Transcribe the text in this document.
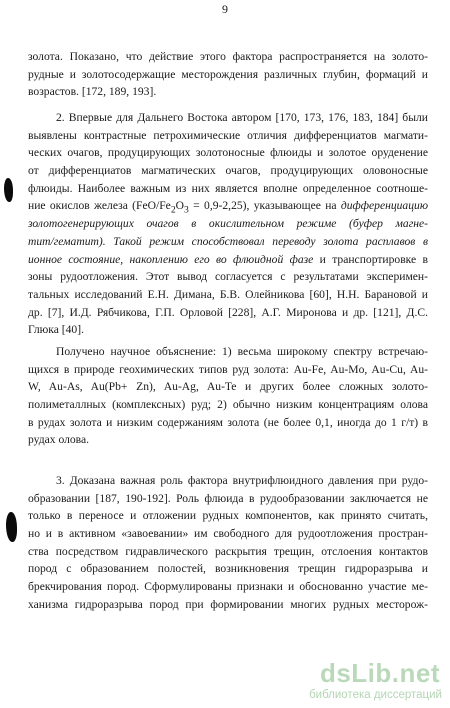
9
золота. Показано, что действие этого фактора распространяется на золото-
рудные и золотосодержащие месторождения различных глубин, формаций и
возрастов. [172, 189, 193].
2. Впервые для Дальнего Востока автором [170, 173, 176, 183, 184] были
выявлены контрастные петрохимические отличия дифференциатов магмати-
ческих очагов, продуцирующих золотоносные флюиды и золотое оруденение
от дифференциатов магматических очагов, продуцирующих оловоносные
флюиды. Наиболее важным из них является вполне определенное соотноше-
ние окислов железа $(FeO/Fe_2O_3 = 0,9-2,25)$, указывающее на дифференциацию
золотогенерирующих очагов в окислительном режиме (буфер магне-
тит/гематит). Такой режим способствовал переводу золота расплавов в
ионное состояние, накоплению его во флюидной фазе и транспортировке в
зоны рудоотложения. Этот вывод согласуется с результатами эксперимен-
тальных исследований Е.Н. Димана, Б.В. Олейникова [60], Н.Н. Барановой и
др. [7], И.Д. Рябчикова, Г.П. Орловой [228], А.Г. Миронова и др. [121], Д.С.
Глюка [40].
Получено научное объяснение: 1) весьма широкому спектру встречаю-
щихся в природе геохимических типов руд золота: Au-Fe, Au-Mo, Au-Cu, Au-
W, Au-As, Au(Pb+ Zn), Au-Ag, Au-Te и других более сложных золото-
полиметаллных (комплексных) руд; 2) обычно низким концентрациям олова
в рудах золота и низким содержаниям золота (не более 0,1, иногда до 1 г/т) в
рудах олова.
3. Доказана важная роль фактора внутрифлюидного давления при рудо-
образовании [187, 190-192]. Роль флюида в рудообразовании заключается не
только в переносе и отложении рудных компонентов, как принято считать,
но и в активном «завоевании» им свободного для рудоотложения простран-
ства посредством гидравлического раскрытия трещин, отслоения контактов
пород с образованием полостей, возникновения трещин гидроразрыва и
брекчирования пород. Сформулированы признаки и обоснованно участие ме-
ханизма гидроразрыва пород при формировании многих рудных месторож-
dsLib.net
библиотека диссертаций
